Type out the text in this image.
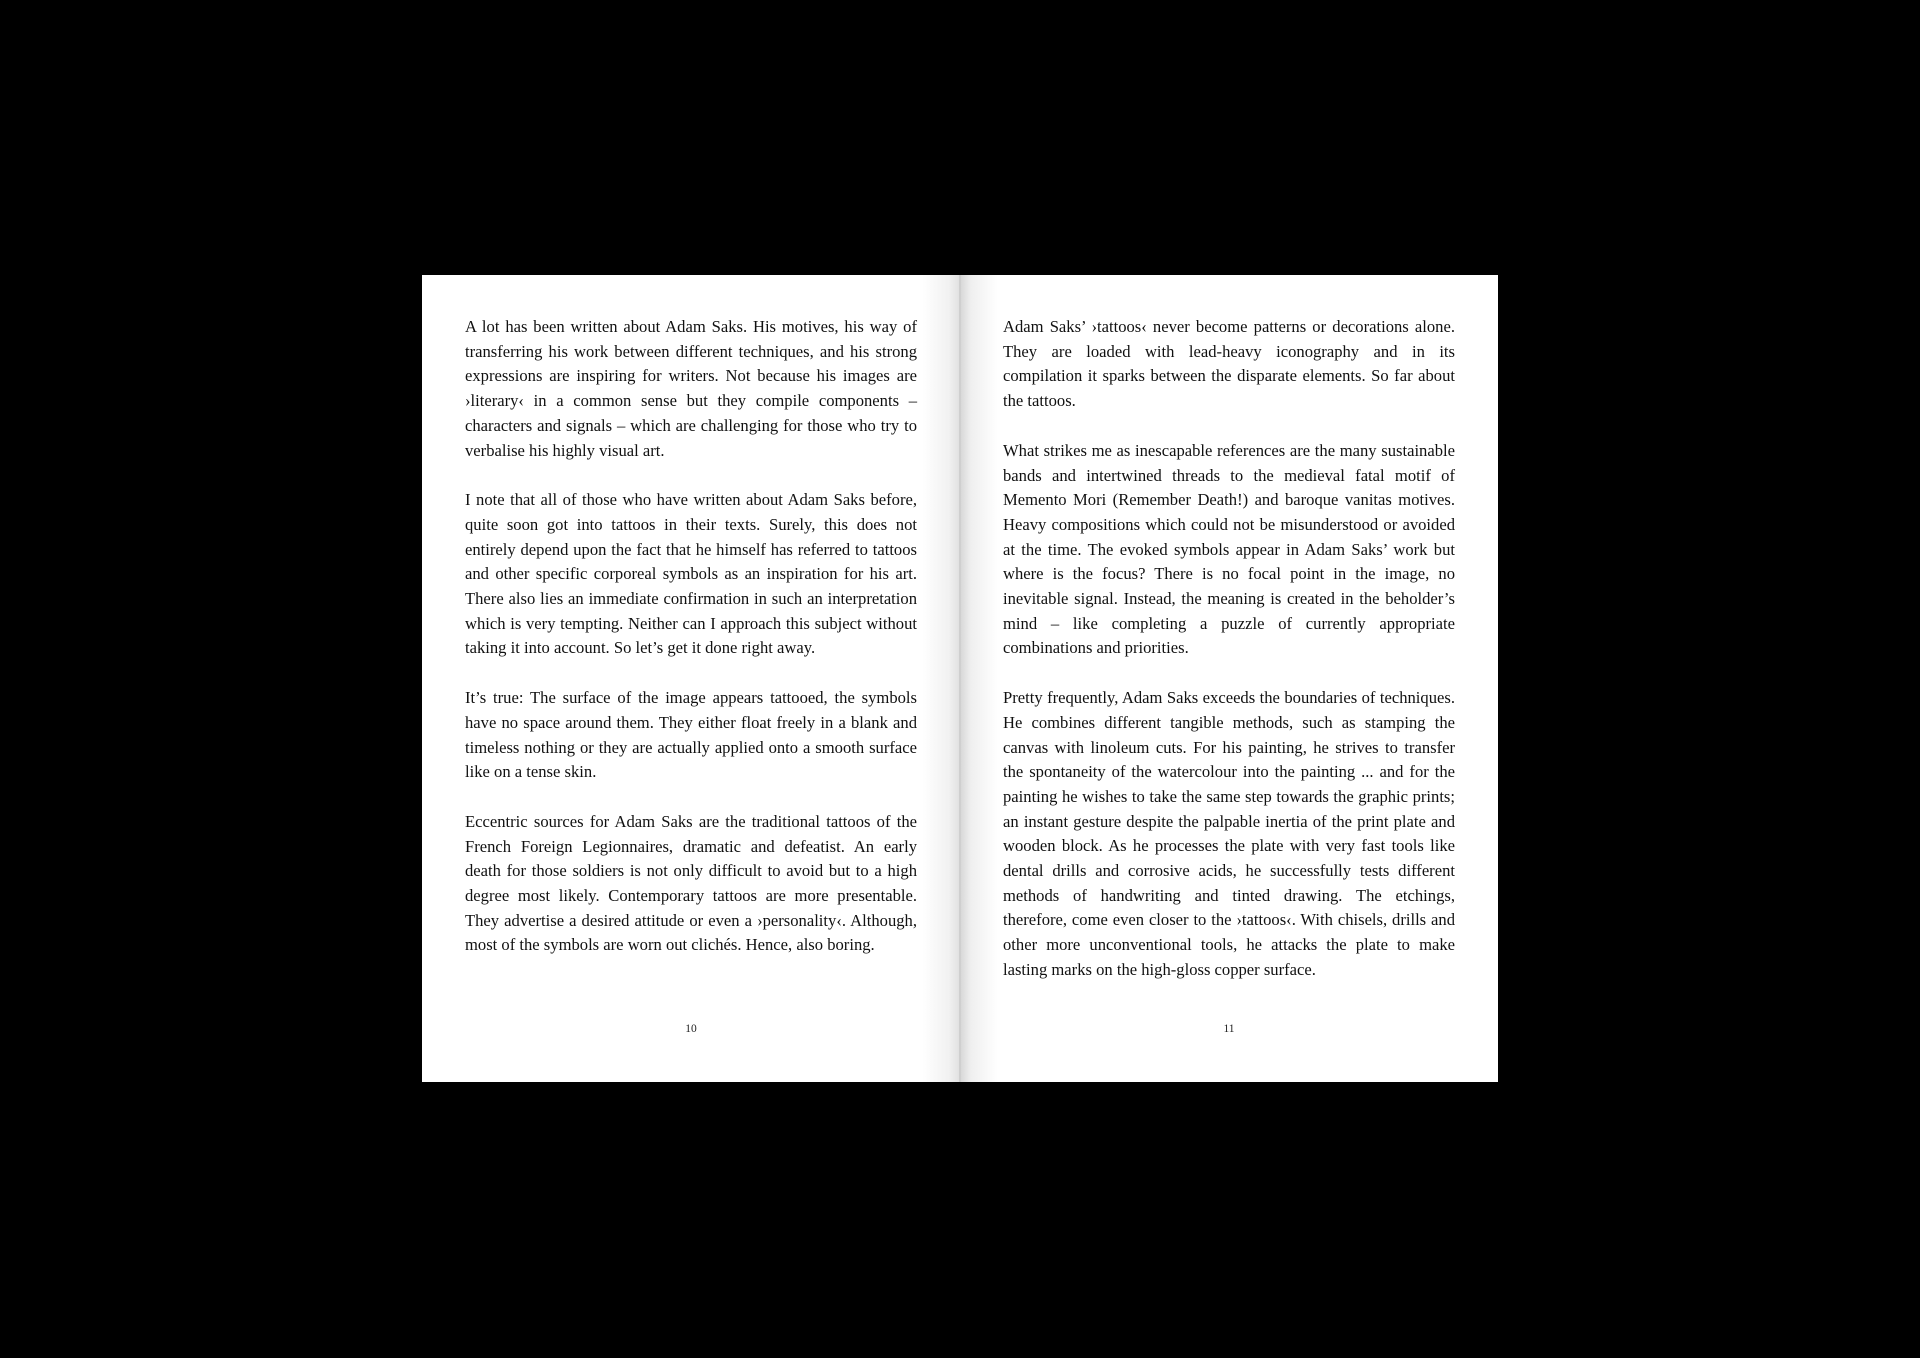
A lot has been written about Adam Saks. His motives, his way of transferring his work between different techniques, and his strong expressions are inspiring for writers. Not because his images are ›literary‹ in a common sense but they compile components – characters and signals – which are challenging for those who try to verbalise his highly visual art.

I note that all of those who have written about Adam Saks before, quite soon got into tattoos in their texts. Surely, this does not entirely depend upon the fact that he himself has referred to tattoos and other specific corporeal symbols as an inspiration for his art. There also lies an immediate confirmation in such an interpretation which is very tempting. Neither can I approach this subject without taking it into account. So let’s get it done right away.

It’s true: The surface of the image appears tattooed, the symbols have no space around them. They either float freely in a blank and timeless nothing or they are actually applied onto a smooth surface like on a tense skin.

Eccentric sources for Adam Saks are the traditional tattoos of the French Foreign Legionnaires, dramatic and defeatist. An early death for those soldiers is not only difficult to avoid but to a high degree most likely. Contemporary tattoos are more presentable. They advertise a desired attitude or even a ›personality‹. Although, most of the symbols are worn out clichés. Hence, also boring.

10

Adam Saks’ ›tattoos‹ never become patterns or decorations alone. They are loaded with lead-heavy iconography and in its compilation it sparks between the disparate elements. So far about the tattoos.

What strikes me as inescapable references are the many sustainable bands and intertwined threads to the medieval fatal motif of Memento Mori (Remember Death!) and baroque vanitas motives. Heavy compositions which could not be misunderstood or avoided at the time. The evoked symbols appear in Adam Saks’ work but where is the focus? There is no focal point in the image, no inevitable signal. Instead, the meaning is created in the beholder’s mind – like completing a puzzle of currently appropriate combinations and priorities.

Pretty frequently, Adam Saks exceeds the boundaries of techniques. He combines different tangible methods, such as stamping the canvas with linoleum cuts. For his painting, he strives to transfer the spontaneity of the watercolour into the painting ... and for the painting he wishes to take the same step towards the graphic prints; an instant gesture despite the palpable inertia of the print plate and wooden block. As he processes the plate with very fast tools like dental drills and corrosive acids, he successfully tests different methods of handwriting and tinted drawing. The etchings, therefore, come even closer to the ›tattoos‹. With chisels, drills and other more unconventional tools, he attacks the plate to make lasting marks on the high-gloss copper surface.

11
